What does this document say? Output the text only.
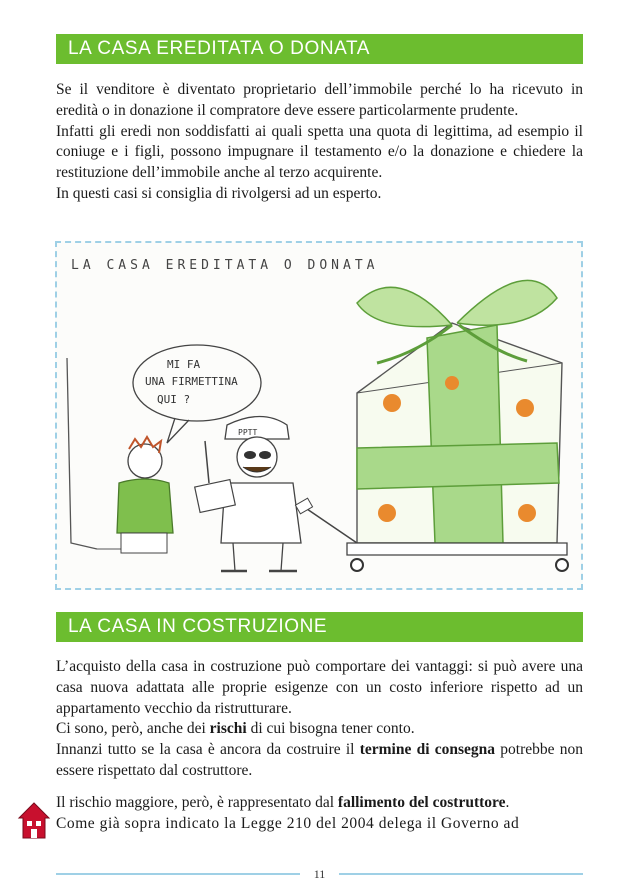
LA CASA EREDITATA O DONATA

Se il venditore è diventato proprietario dell’immobile perché lo ha ricevuto in eredità o in donazione il compratore deve essere particolarmente prudente.

Infatti gli eredi non soddisfatti ai quali spetta una quota di legittima, ad esempio il coniuge e i figli, possono impugnare il testamento e/o la donazione e chiedere la restituzione dell’immobile anche al terzo acquirente.

In questi casi si consiglia di rivolgersi ad un esperto.

LA CASA EREDITATA O DONATA
MI FA
UNA FIRMETTINA
QUI ?
PPTT
LA CASA IN COSTRUZIONE

L’acquisto della casa in costruzione può comportare dei vantaggi: si può avere una casa nuova adattata alle proprie esigenze con un costo inferiore rispetto ad un appartamento vecchio da ristrutturare.

Ci sono, però, anche dei rischi di cui bisogna tener conto.

Innanzi tutto se la casa è ancora da costruire il termine di consegna potrebbe non essere rispettato dal costruttore.

Il rischio maggiore, però, è rappresentato dal fallimento del costruttore.

Come già sopra indicato la Legge 210 del 2004 delega il Governo ad

11
